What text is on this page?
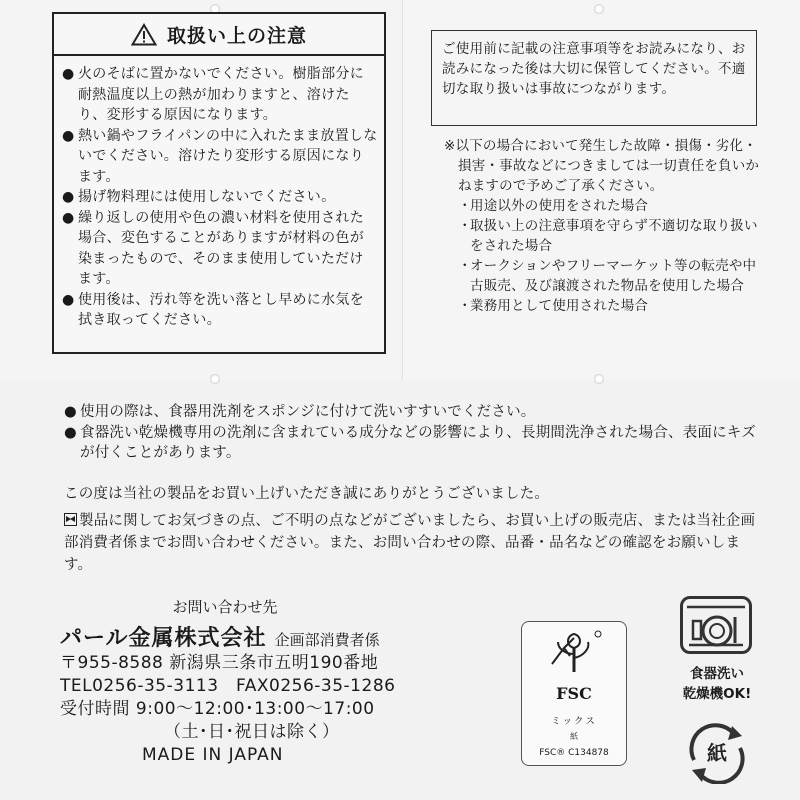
取扱い上の注意
● 火のそばに置かないでください。樹脂部分に耐熱温度以上の熱が加わりますと、溶けたり、変形する原因になります。
● 熱い鍋やフライパンの中に入れたまま放置しないでください。溶けたり変形する原因になります。
● 揚げ物料理には使用しないでください。
● 繰り返しの使用や色の濃い材料を使用された場合、変色することがありますが材料の色が染まったもので、そのまま使用していただけます。
● 使用後は、汚れ等を洗い落とし早めに水気を拭き取ってください。
ご使用前に記載の注意事項等をお読みになり、お読みになった後は大切に保管してください。不適切な取り扱いは事故につながります。
※以下の場合において発生した故障・損傷・劣化・損害・事故などにつきましては一切責任を負いかねますので予めご了承ください。
・
用途以外の使用をされた場合
・
取扱い上の注意事項を守らず不適切な取り扱いをされた場合
・
オークションやフリーマーケット等の転売や中古販売、及び譲渡された物品を使用した場合
・
業務用として使用された場合
● 使用の際は、食器用洗剤をスポンジに付けて洗いすすいでください。
● 食器洗い乾燥機専用の洗剤に含まれている成分などの影響により、長期間洗浄された場合、表面にキズが付くことがあります。
この度は当社の製品をお買い上げいただき誠にありがとうございました。
製品に関してお気づきの点、ご不明の点などがございましたら、お買い上げの販売店、または当社企画部消費者係までお問い合わせください。また、お問い合わせの際、品番・品名などの確認をお願いします。
お問い合わせ先
パール金属株式会社 企画部消費者係
〒955-8588 新潟県三条市五明190番地
TEL0256-35-3113　FAX0256-35-1286
受付時間 9:00～12:00･13:00～17:00
（土･日･祝日は除く）
MADE IN JAPAN
FSC
ミックス
紙
FSC® C134878
食器洗い
乾燥機OK!
紙
